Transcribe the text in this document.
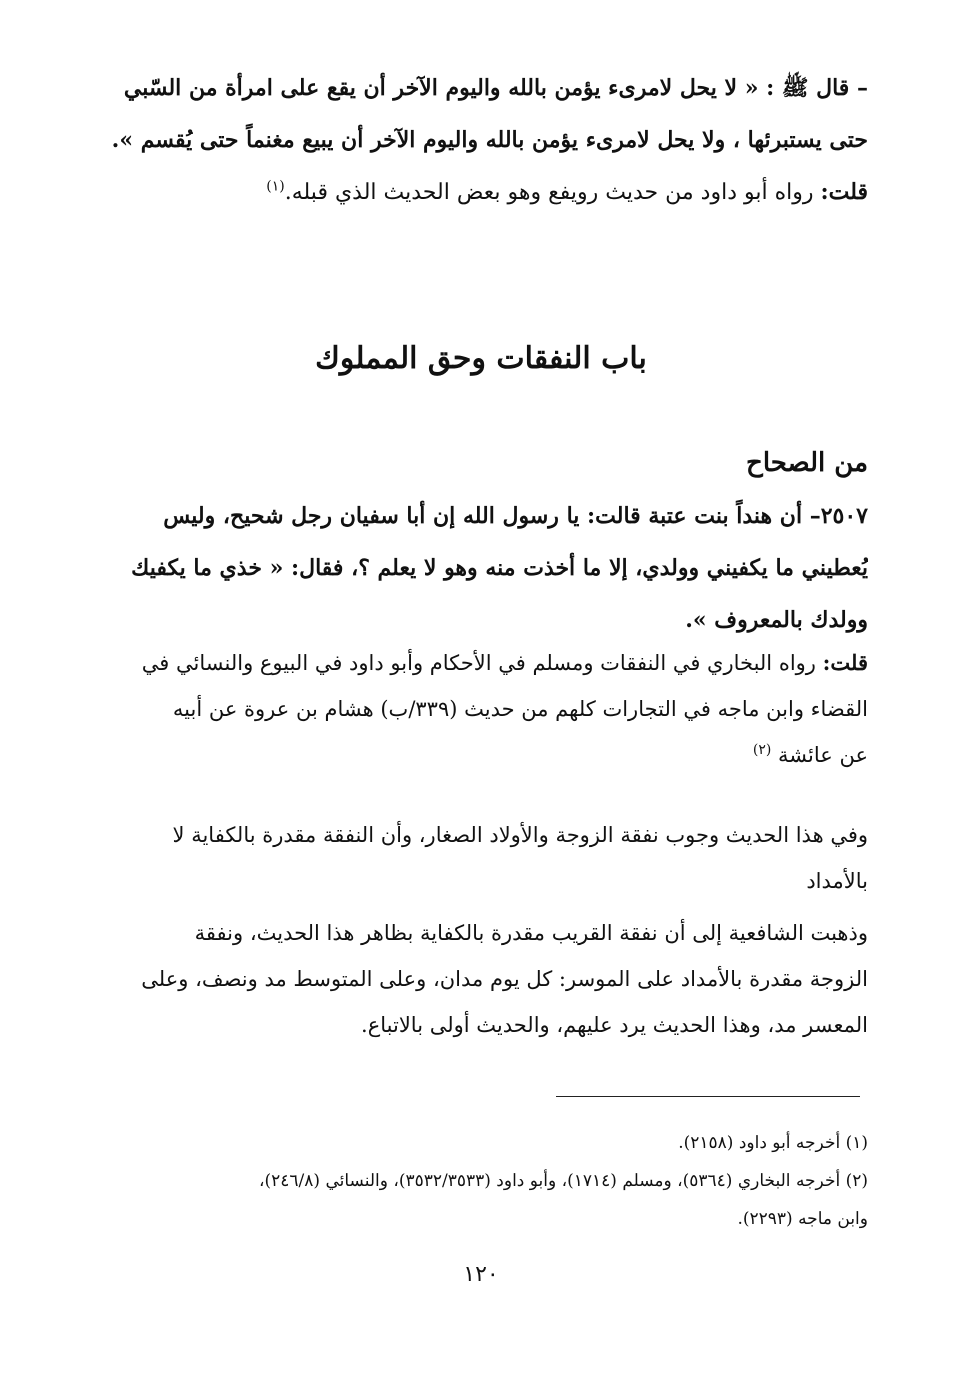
– قال ﷺ : « لا يحل لامرىء يؤمن بالله واليوم الآخر أن يقع على امرأة من السّبي
حتى يستبرئها ، ولا يحل لامرىء يؤمن بالله واليوم الآخر أن يبيع مغنماً حتى يُقسم ».
قلت: رواه أبو داود من حديث رويفع وهو بعض الحديث الذي قبله.$^{(١)}$
باب النفقات وحق المملوك
من الصحاح
٢٥٠٧– أن هنداً بنت عتبة قالت: يا رسول الله إن أبا سفيان رجل شحيح، وليس
يُعطيني ما يكفيني وولدي، إلا ما أخذت منه وهو لا يعلم ؟، فقال: « خذي ما يكفيك
وولدك بالمعروف ».
قلت: رواه البخاري في النفقات ومسلم في الأحكام وأبو داود في البيوع والنسائي في
القضاء وابن ماجه في التجارات كلهم من حديث (٣٣٩/ب) هشام بن عروة عن أبيه
عن عائشة $^{(٢)}$
وفي هذا الحديث وجوب نفقة الزوجة والأولاد الصغار، وأن النفقة مقدرة بالكفاية لا
بالأمداد
وذهبت الشافعية إلى أن نفقة القريب مقدرة بالكفاية بظاهر هذا الحديث، ونفقة
الزوجة مقدرة بالأمداد على الموسر: كل يوم مدان، وعلى المتوسط مد ونصف، وعلى
المعسر مد، وهذا الحديث يرد عليهم، والحديث أولى بالاتباع.
(١) أخرجه أبو داود (٢١٥٨).
(٢) أخرجه البخاري (٥٣٦٤)، ومسلم (١٧١٤)، وأبو داود (٣٥٣٢/٣٥٣٣)، والنسائي (٢٤٦/٨)،
وابن ماجه (٢٢٩٣).
١٢٠
